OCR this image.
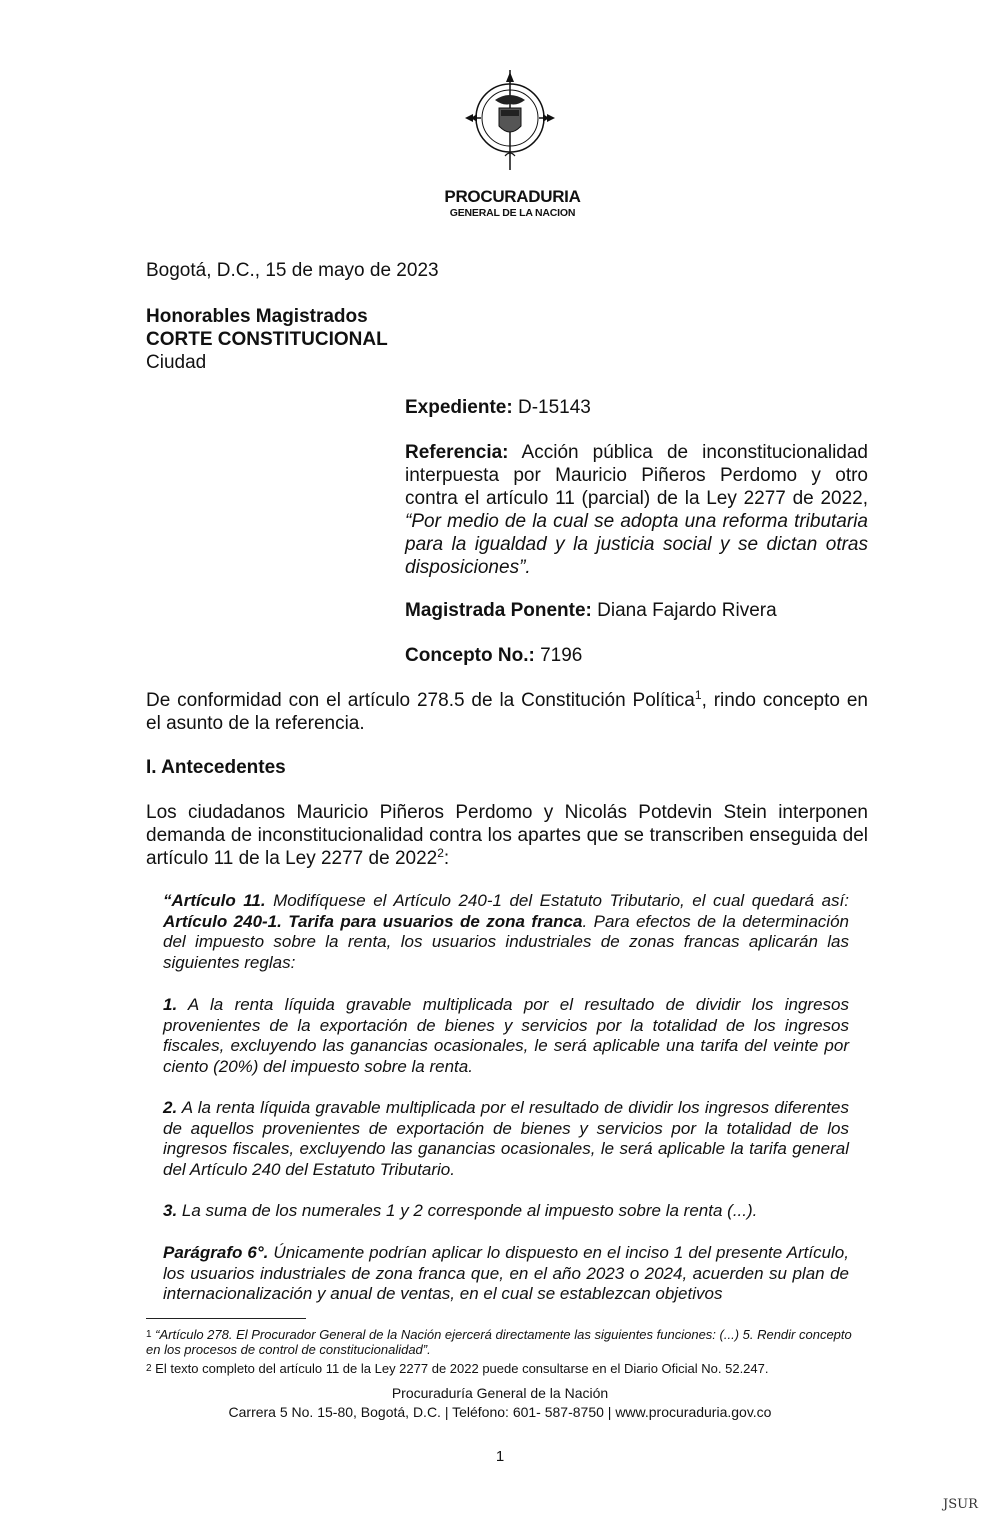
PROCURADURIA
GENERAL DE LA NACION
Bogotá, D.C., 15 de mayo de 2023
Honorables Magistrados
CORTE CONSTITUCIONAL
Ciudad
Expediente: D-15143
Referencia: Acción pública de inconstitucionalidad interpuesta por Mauricio Piñeros Perdomo y otro contra el artículo 11 (parcial) de la Ley 2277 de 2022, “Por medio de la cual se adopta una reforma tributaria para la igualdad y la justicia social y se dictan otras disposiciones”.
Magistrada Ponente: Diana Fajardo Rivera
Concepto No.: 7196
De conformidad con el artículo 278.5 de la Constitución Política$^1$, rindo concepto en el asunto de la referencia.
I. Antecedentes
Los ciudadanos Mauricio Piñeros Perdomo y Nicolás Potdevin Stein interponen demanda de inconstitucionalidad contra los apartes que se transcriben enseguida del artículo 11 de la Ley 2277 de 2022$^2$:
“Artículo 11. Modifíquese el Artículo 240-1 del Estatuto Tributario, el cual quedará así: Artículo 240-1. Tarifa para usuarios de zona franca. Para efectos de la determinación del impuesto sobre la renta, los usuarios industriales de zonas francas aplicarán las siguientes reglas:
1. A la renta líquida gravable multiplicada por el resultado de dividir los ingresos provenientes de la exportación de bienes y servicios por la totalidad de los ingresos fiscales, excluyendo las ganancias ocasionales, le será aplicable una tarifa del veinte por ciento (20%) del impuesto sobre la renta.
2. A la renta líquida gravable multiplicada por el resultado de dividir los ingresos diferentes de aquellos provenientes de exportación de bienes y servicios por la totalidad de los ingresos fiscales, excluyendo las ganancias ocasionales, le será aplicable la tarifa general del Artículo 240 del Estatuto Tributario.
3. La suma de los numerales 1 y 2 corresponde al impuesto sobre la renta (...).
Parágrafo 6°. Únicamente podrían aplicar lo dispuesto en el inciso 1 del presente Artículo, los usuarios industriales de zona franca que, en el año 2023 o 2024, acuerden su plan de internacionalización y anual de ventas, en el cual se establezcan objetivos
$^1$ “Artículo 278. El Procurador General de la Nación ejercerá directamente las siguientes funciones: (...) 5. Rendir concepto en los procesos de control de constitucionalidad”.
$^2$ El texto completo del artículo 11 de la Ley 2277 de 2022 puede consultarse en el Diario Oficial No. 52.247.
Procuraduría General de la Nación
Carrera 5 No. 15-80, Bogotá, D.C. | Teléfono: 601- 587-8750 | www.procuraduria.gov.co
1
JSUR
